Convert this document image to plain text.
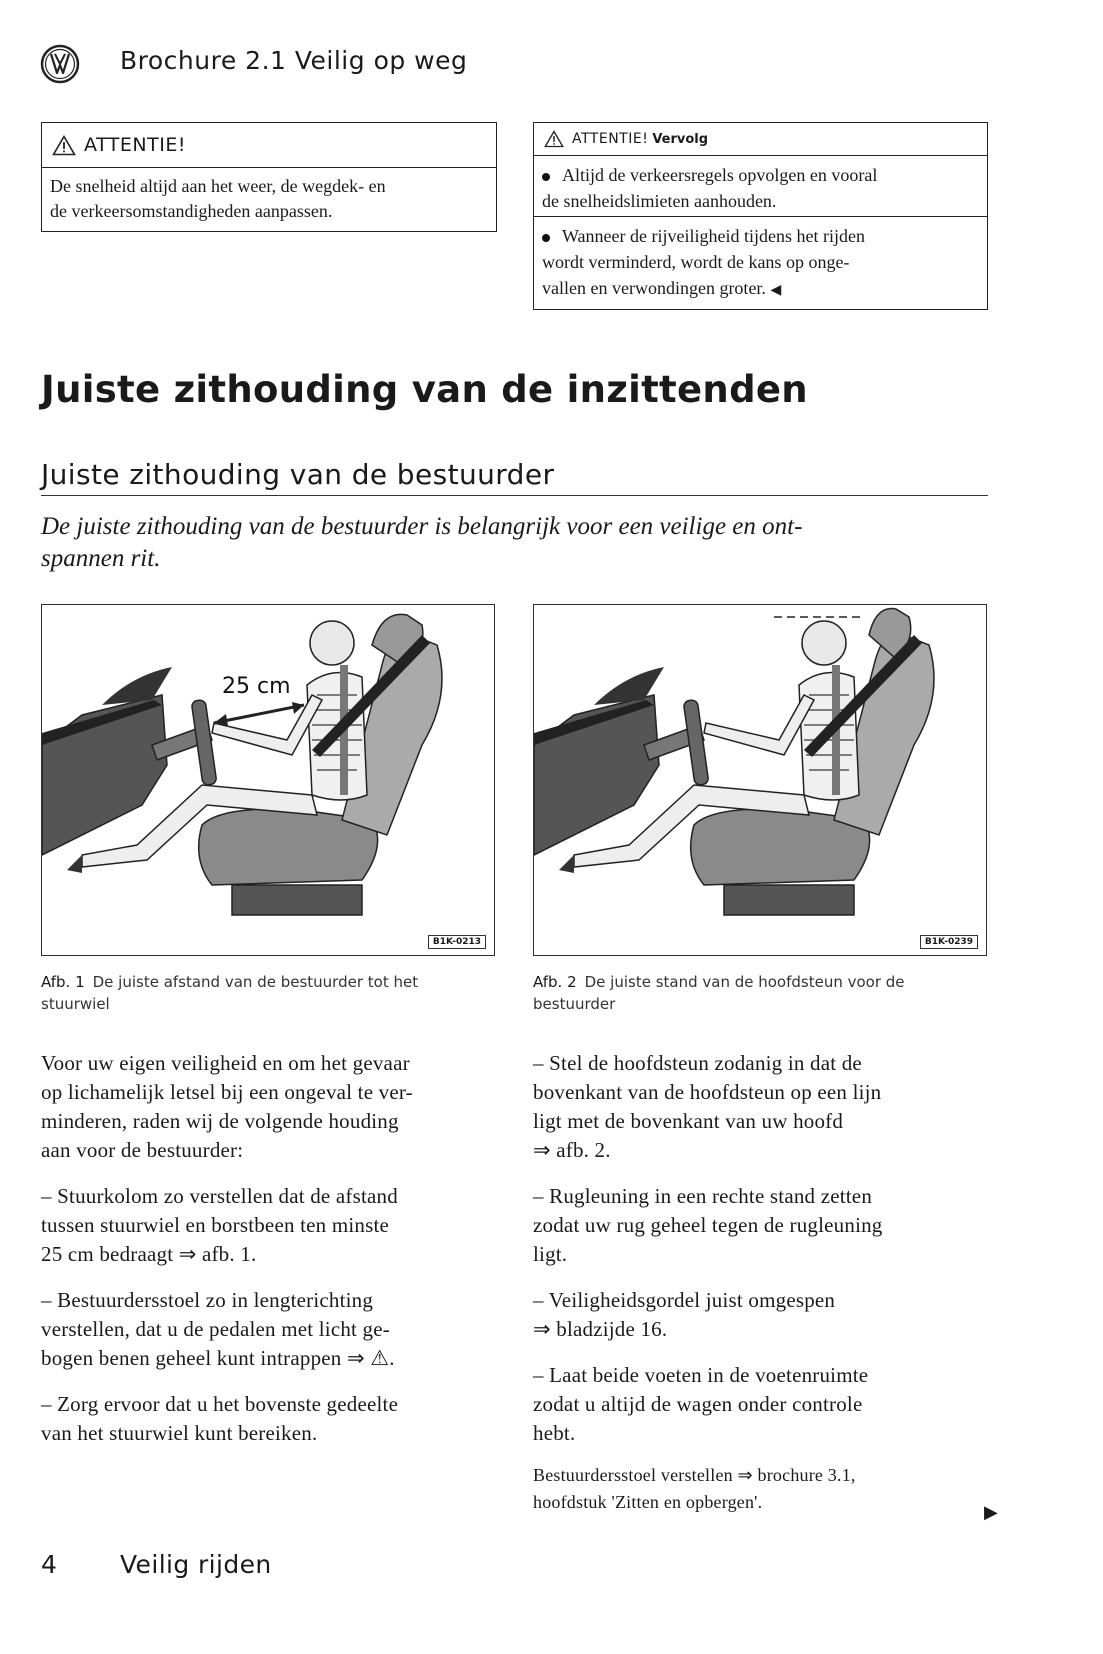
Brochure 2.1 Veilig op weg
ATTENTIE!
De snelheid altijd aan het weer, de wegdek- en
de verkeersomstandigheden aanpassen.
ATTENTIE! Vervolg
Altijd de verkeersregels opvolgen en vooral
de snelheidslimieten aanhouden.
Wanneer de rijveiligheid tijdens het rijden
wordt verminderd, wordt de kans op onge-
vallen en verwondingen groter. ◀
Juiste zithouding van de inzittenden
Juiste zithouding van de bestuurder
De juiste zithouding van de bestuurder is belangrijk voor een veilige en ont-
spannen rit.
25 cm
B1K-0213	B1K-0239
Afb. 1 De juiste afstand van de bestuurder tot het stuurwiel
Afb. 2 De juiste stand van de hoofdsteun voor de bestuurder
Voor uw eigen veiligheid en om het gevaar
op lichamelijk letsel bij een ongeval te ver-
minderen, raden wij de volgende houding
aan voor de bestuurder:
– Stuurkolom zo verstellen dat de afstand
tussen stuurwiel en borstbeen ten minste
25 cm bedraagt ⇒ afb. 1.
– Bestuurdersstoel zo in lengterichting
verstellen, dat u de pedalen met licht ge-
bogen benen geheel kunt intrappen ⇒ ⚠.
– Zorg ervoor dat u het bovenste gedeelte
van het stuurwiel kunt bereiken.
– Stel de hoofdsteun zodanig in dat de
bovenkant van de hoofdsteun op een lijn
ligt met de bovenkant van uw hoofd
⇒ afb. 2.
– Rugleuning in een rechte stand zetten
zodat uw rug geheel tegen de rugleuning
ligt.
– Veiligheidsgordel juist omgespen
⇒ bladzijde 16.
– Laat beide voeten in de voetenruimte
zodat u altijd de wagen onder controle
hebt.
Bestuurdersstoel verstellen ⇒ brochure 3.1,
hoofdstuk 'Zitten en opbergen'.	▶
4	Veilig rijden
